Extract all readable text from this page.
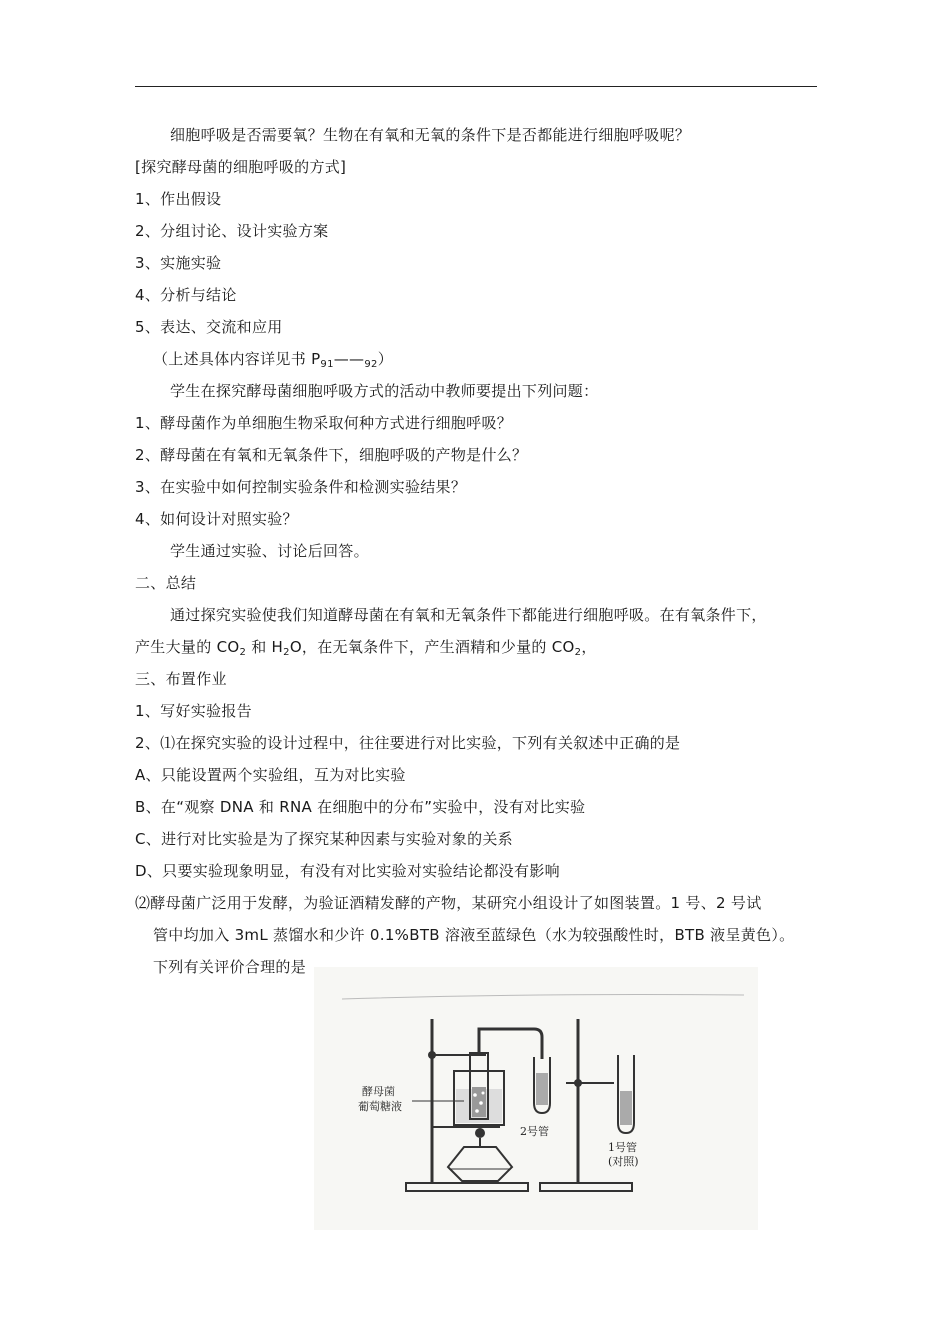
细胞呼吸是否需要氧？生物在有氧和无氧的条件下是否都能进行细胞呼吸呢？
[探究酵母菌的细胞呼吸的方式]
1、作出假设
2、分组讨论、设计实验方案
3、实施实验
4、分析与结论
5、表达、交流和应用
（上述具体内容详见书 $P_{91}——_{92}$）
学生在探究酵母菌细胞呼吸方式的活动中教师要提出下列问题：
1、酵母菌作为单细胞生物采取何种方式进行细胞呼吸？
2、酵母菌在有氧和无氧条件下，细胞呼吸的产物是什么？
3、在实验中如何控制实验条件和检测实验结果？
4、如何设计对照实验？
学生通过实验、讨论后回答。
二、总结
通过探究实验使我们知道酵母菌在有氧和无氧条件下都能进行细胞呼吸。在有氧条件下，
产生大量的 $CO_2$ 和 $H_2O$，在无氧条件下，产生酒精和少量的 $CO_2$，
三、布置作业
1、写好实验报告
2、⑴在探究实验的设计过程中，往往要进行对比实验，下列有关叙述中正确的是
A、只能设置两个实验组，互为对比实验
B、在“观察 DNA 和 RNA 在细胞中的分布”实验中，没有对比实验
C、进行对比实验是为了探究某种因素与实验对象的关系
D、只要实验现象明显，有没有对比实验对实验结论都没有影响
⑵酵母菌广泛用于发酵，为验证酒精发酵的产物，某研究小组设计了如图装置。1 号、2 号试
管中均加入 3mL 蒸馏水和少许 0.1%BTB 溶液至蓝绿色（水为较强酸性时，BTB 液呈黄色）。
下列有关评价合理的是
酵母菌
葡萄糖液
2号管
1号管
(对照)
